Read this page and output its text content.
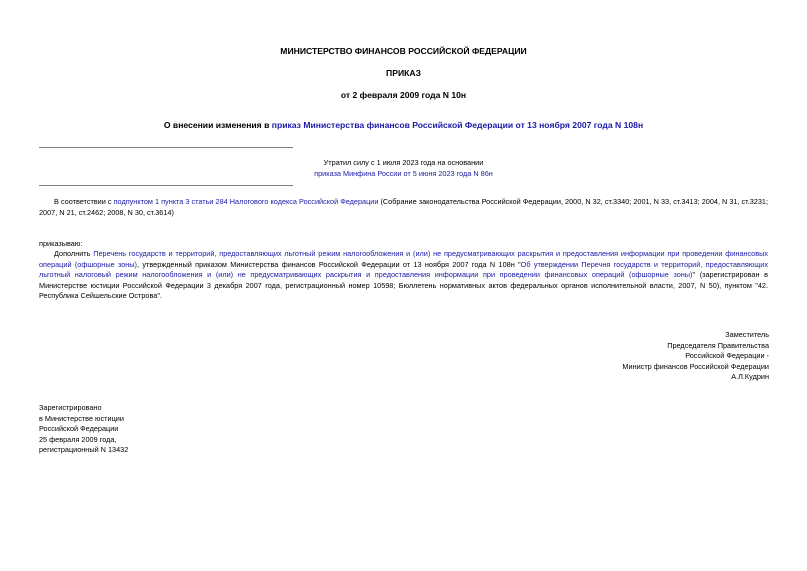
МИНИСТЕРСТВО ФИНАНСОВ РОССИЙСКОЙ ФЕДЕРАЦИИ
ПРИКАЗ
от 2 февраля 2009 года N 10н
О внесении изменения в приказ Министерства финансов Российской Федерации от 13 ноября 2007 года N 108н
Утратил силу с 1 июля 2023 года на основании
приказа Минфина России от 5 июня 2023 года N 86н
В соответствии с подпунктом 1 пункта 3 статьи 284 Налогового кодекса Российской Федерации (Собрание законодательства Российской Федерации, 2000, N 32, ст.3340; 2001, N 33, ст.3413; 2004, N 31, ст.3231; 2007, N 21, ст.2462; 2008, N 30, ст.3614)
приказываю:
Дополнить Перечень государств и территорий, предоставляющих льготный режим налогообложения и (или) не предусматривающих раскрытия и предоставления информации при проведении финансовых операций (офшорные зоны), утвержденный приказом Министерства финансов Российской Федерации от 13 ноября 2007 года N 108н "Об утверждении Перечня государств и территорий, предоставляющих льготный налоговый режим налогообложения и (или) не предусматривающих раскрытия и предоставления информации при проведении финансовых операций (офшорные зоны)" (зарегистрирован в Министерстве юстиции Российской Федерации 3 декабря 2007 года, регистрационный номер 10598; Бюллетень нормативных актов федеральных органов исполнительной власти, 2007, N 50), пунктом "42. Республика Сейшельские Острова".
Заместитель
Председателя Правительства
Российской Федерации -
Министр финансов Российской Федерации
А.Л.Кудрин
Зарегистрировано
в Министерстве юстиции
Российской Федерации
25 февраля 2009 года,
регистрационный N 13432
